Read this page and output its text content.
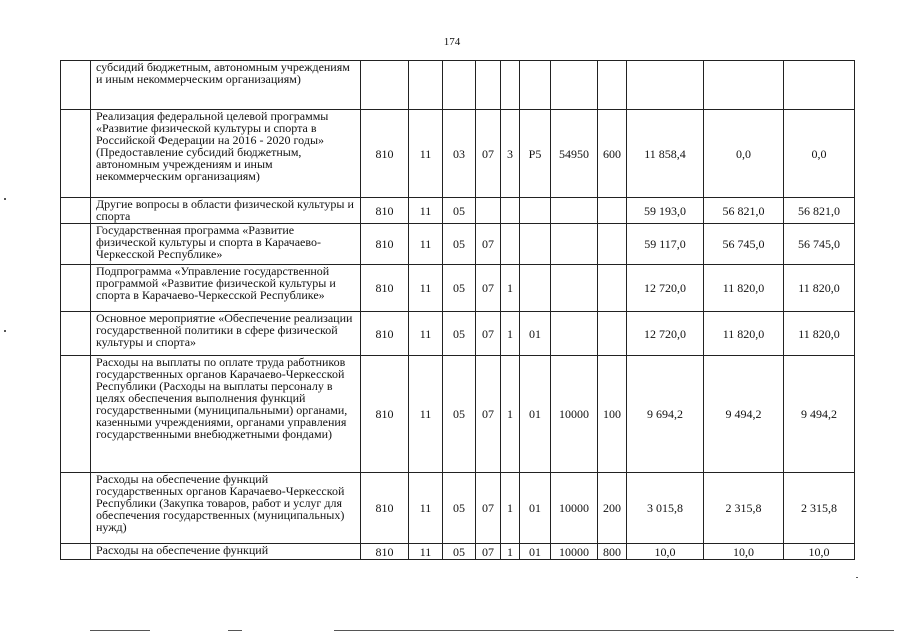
174
	субсидий бюджетным, автономным учреждениям и иным некоммерческим организациям)											
	Реализация федеральной целевой программы «Развитие физической культуры и спорта в Российской Федерации на 2016 - 2020 годы» (Предоставление субсидий бюджетным, автономным учреждениям и иным некоммерческим организациям)	810	11	03	07	3	P5	54950	600	11 858,4	0,0	0,0
	Другие вопросы в области физической культуры и спорта	810	11	05						59 193,0	56 821,0	56 821,0
	Государственная программа «Развитие физической культуры и спорта в Карачаево-Черкесской Республике»	810	11	05	07					59 117,0	56 745,0	56 745,0
	Подпрограмма «Управление государственной программой «Развитие физической культуры и спорта в Карачаево-Черкесской Республике»	810	11	05	07	1				12 720,0	11 820,0	11 820,0
	Основное мероприятие «Обеспечение реализации государственной политики в сфере физической культуры и спорта»	810	11	05	07	1	01			12 720,0	11 820,0	11 820,0
	Расходы на выплаты по оплате труда работников государственных органов Карачаево-Черкесской Республики (Расходы на выплаты персоналу в целях обеспечения выполнения функций государственными (муниципальными) органами, казенными учреждениями, органами управления государственными внебюджетными фондами)	810	11	05	07	1	01	10000	100	9 694,2	9 494,2	9 494,2
	Расходы на обеспечение функций государственных органов Карачаево-Черкесской Республики (Закупка товаров, работ и услуг для обеспечения государственных (муниципальных) нужд)	810	11	05	07	1	01	10000	200	3 015,8	2 315,8	2 315,8
	Расходы на обеспечение функций	810	11	05	07	1	01	10000	800	10,0	10,0	10,0
